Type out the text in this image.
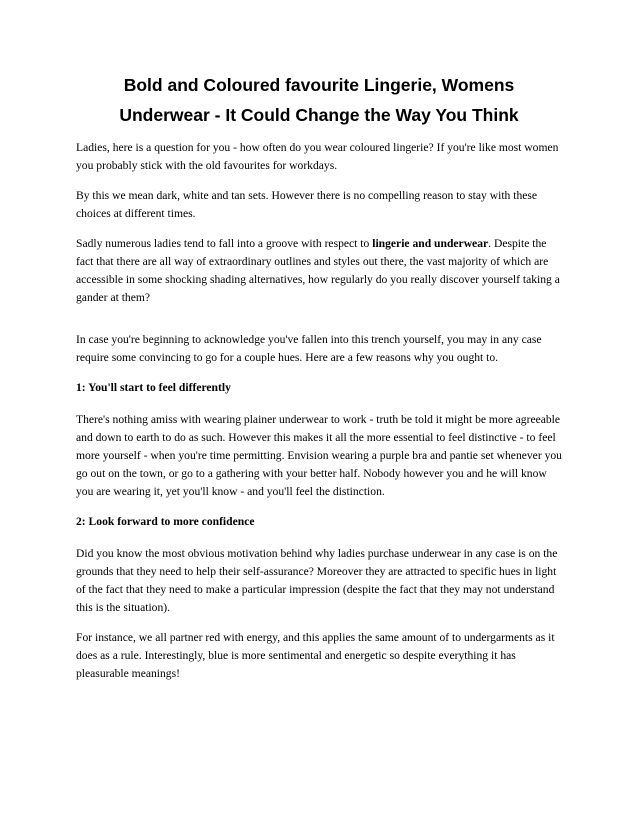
Bold and Coloured favourite Lingerie, Womens
Underwear - It Could Change the Way You Think

Ladies, here is a question for you - how often do you wear coloured lingerie? If you're like most women you probably stick with the old favourites for workdays.

By this we mean dark, white and tan sets. However there is no compelling reason to stay with these choices at different times.

Sadly numerous ladies tend to fall into a groove with respect to lingerie and underwear. Despite the fact that there are all way of extraordinary outlines and styles out there, the vast majority of which are accessible in some shocking shading alternatives, how regularly do you really discover yourself taking a gander at them?

In case you're beginning to acknowledge you've fallen into this trench yourself, you may in any case require some convincing to go for a couple hues. Here are a few reasons why you ought to.

1: You'll start to feel differently

There's nothing amiss with wearing plainer underwear to work - truth be told it might be more agreeable and down to earth to do as such. However this makes it all the more essential to feel distinctive - to feel more yourself - when you're time permitting. Envision wearing a purple bra and pantie set whenever you go out on the town, or go to a gathering with your better half. Nobody however you and he will know you are wearing it, yet you'll know - and you'll feel the distinction.

2: Look forward to more confidence

Did you know the most obvious motivation behind why ladies purchase underwear in any case is on the grounds that they need to help their self-assurance? Moreover they are attracted to specific hues in light of the fact that they need to make a particular impression (despite the fact that they may not understand this is the situation).

For instance, we all partner red with energy, and this applies the same amount of to undergarments as it does as a rule. Interestingly, blue is more sentimental and energetic so despite everything it has pleasurable meanings!
